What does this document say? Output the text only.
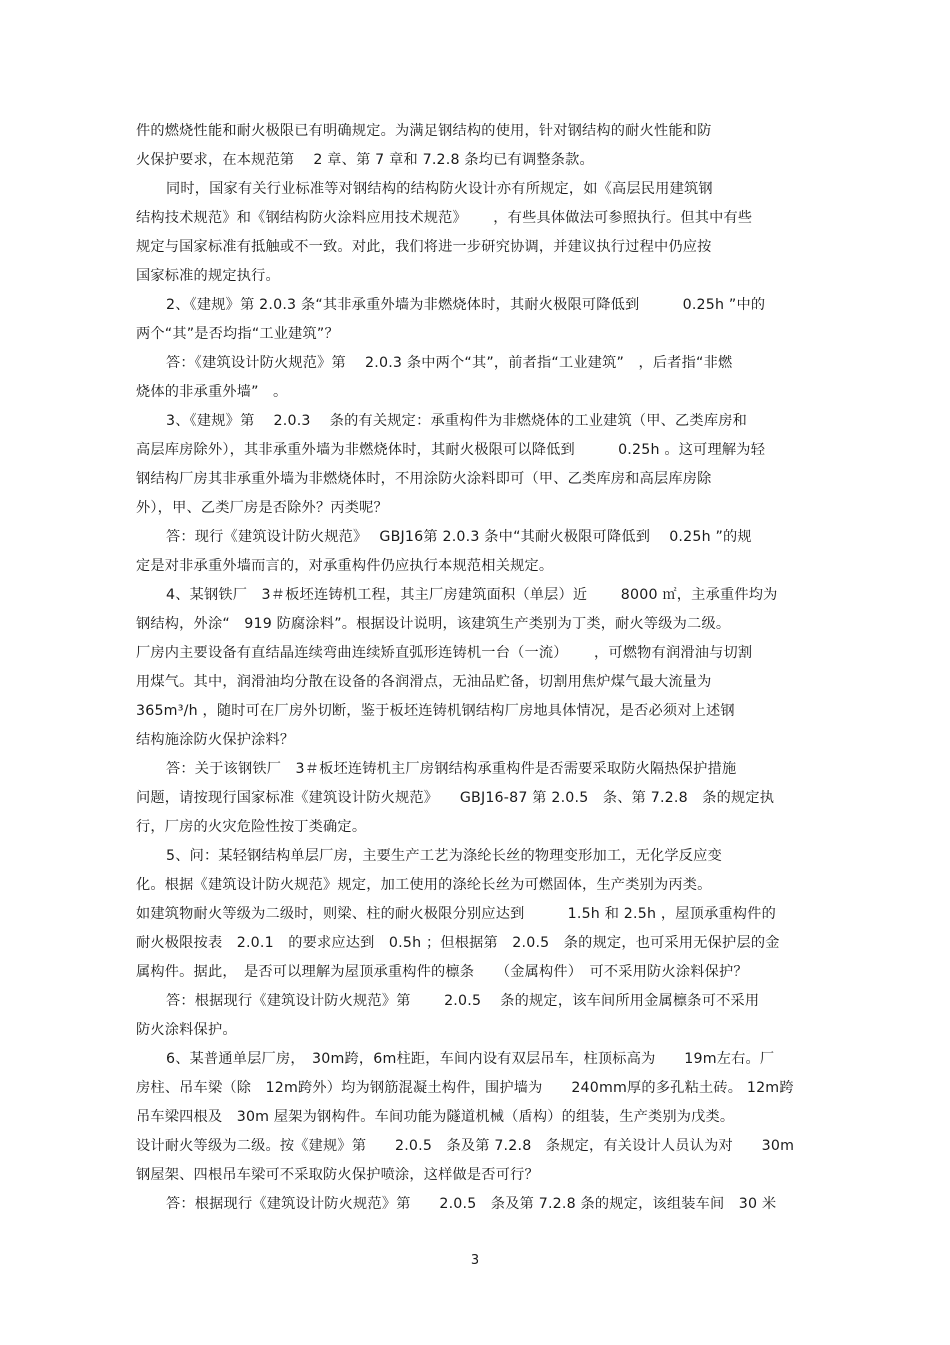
件的燃烧性能和耐火极限已有明确规定。为满足钢结构的使用，针对钢结构的耐火性能和防
火保护要求，在本规范第　 2 章、第 7 章和 7.2.8 条均已有调整条款。
同时，国家有关行业标准等对钢结构的结构防火设计亦有所规定，如《高层民用建筑钢
结构技术规范》和《钢结构防火涂料应用技术规范》　　 ，有些具体做法可参照执行。但其中有些
规定与国家标准有抵触或不一致。对此，我们将进一步研究协调，并建议执行过程中仍应按
国家标准的规定执行。
2、《建规》第 2.0.3 条“其非承重外墙为非燃烧体时，其耐火极限可降低到　　　0.25h ”中的
两个“其”是否均指“工业建筑”？
答：《建筑设计防火规范》第　 2.0.3 条中两个“其”，前者指“工业建筑”　，后者指“非燃
烧体的非承重外墙”　。
3、《建规》第　 2.0.3　 条的有关规定：承重构件为非燃烧体的工业建筑（甲、乙类库房和
高层库房除外），其非承重外墙为非燃烧体时，其耐火极限可以降低到　　　0.25h 。这可理解为轻
钢结构厂房其非承重外墙为非燃烧体时，不用涂防火涂料即可（甲、乙类库房和高层库房除
外），甲、乙类厂房是否除外？丙类呢？
答：现行《建筑设计防火规范》　 GBJ16第 2.0.3 条中“其耐火极限可降低到　 0.25h ”的规
定是对非承重外墙而言的，对承重构件仍应执行本规范相关规定。
4、某钢铁厂　3＃板坯连铸机工程，其主厂房建筑面积（单层）近　　 8000 ㎡，主承重件均为
钢结构，外涂“　919 防腐涂料”。根据设计说明，该建筑生产类别为丁类，耐火等级为二级。
厂房内主要设备有直结晶连续弯曲连续矫直弧形连铸机一台（一流）　　 ，可燃物有润滑油与切割
用煤气。其中，润滑油均分散在设备的各润滑点，无油品贮备，切割用焦炉煤气最大流量为
365m³/h ，随时可在厂房外切断，鉴于板坯连铸机钢结构厂房地具体情况，是否必须对上述钢
结构施涂防火保护涂料？
答：关于该钢铁厂　3＃板坯连铸机主厂房钢结构承重构件是否需要采取防火隔热保护措施
问题，请按现行国家标准《建筑设计防火规范》　　GBJ16-87 第 2.0.5　条、第 7.2.8　条的规定执
行，厂房的火灾危险性按丁类确定。
5、问：某轻钢结构单层厂房，主要生产工艺为涤纶长丝的物理变形加工，无化学反应变
化。根据《建筑设计防火规范》规定，加工使用的涤纶长丝为可燃固体，生产类别为丙类。
如建筑物耐火等级为二级时，则梁、柱的耐火极限分别应达到　　　1.5h 和 2.5h ，屋顶承重构件的
耐火极限按表　2.0.1　的要求应达到　0.5h ；但根据第　2.0.5　条的规定，也可采用无保护层的金
属构件。据此，　是否可以理解为屋顶承重构件的檩条　　（金属构件）　可不采用防火涂料保护？
答：根据现行《建筑设计防火规范》第　　 2.0.5　 条的规定，该车间所用金属檩条可不采用
防火涂料保护。
6、某普通单层厂房，　30m跨，6m柱距，车间内设有双层吊车，柱顶标高为　　19m左右。厂
房柱、吊车梁（除　12m跨外）均为钢筋混凝土构件，围护墙为　　240mm厚的多孔粘土砖。 12m跨
吊车梁四根及　30m 屋架为钢构件。车间功能为隧道机械（盾构）的组装，生产类别为戊类。
设计耐火等级为二级。按《建规》第　　2.0.5　条及第 7.2.8　条规定，有关设计人员认为对　　30m
钢屋架、四根吊车梁可不采取防火保护喷涂，这样做是否可行？
答：根据现行《建筑设计防火规范》第　　2.0.5　条及第 7.2.8 条的规定，该组装车间　30 米
3
